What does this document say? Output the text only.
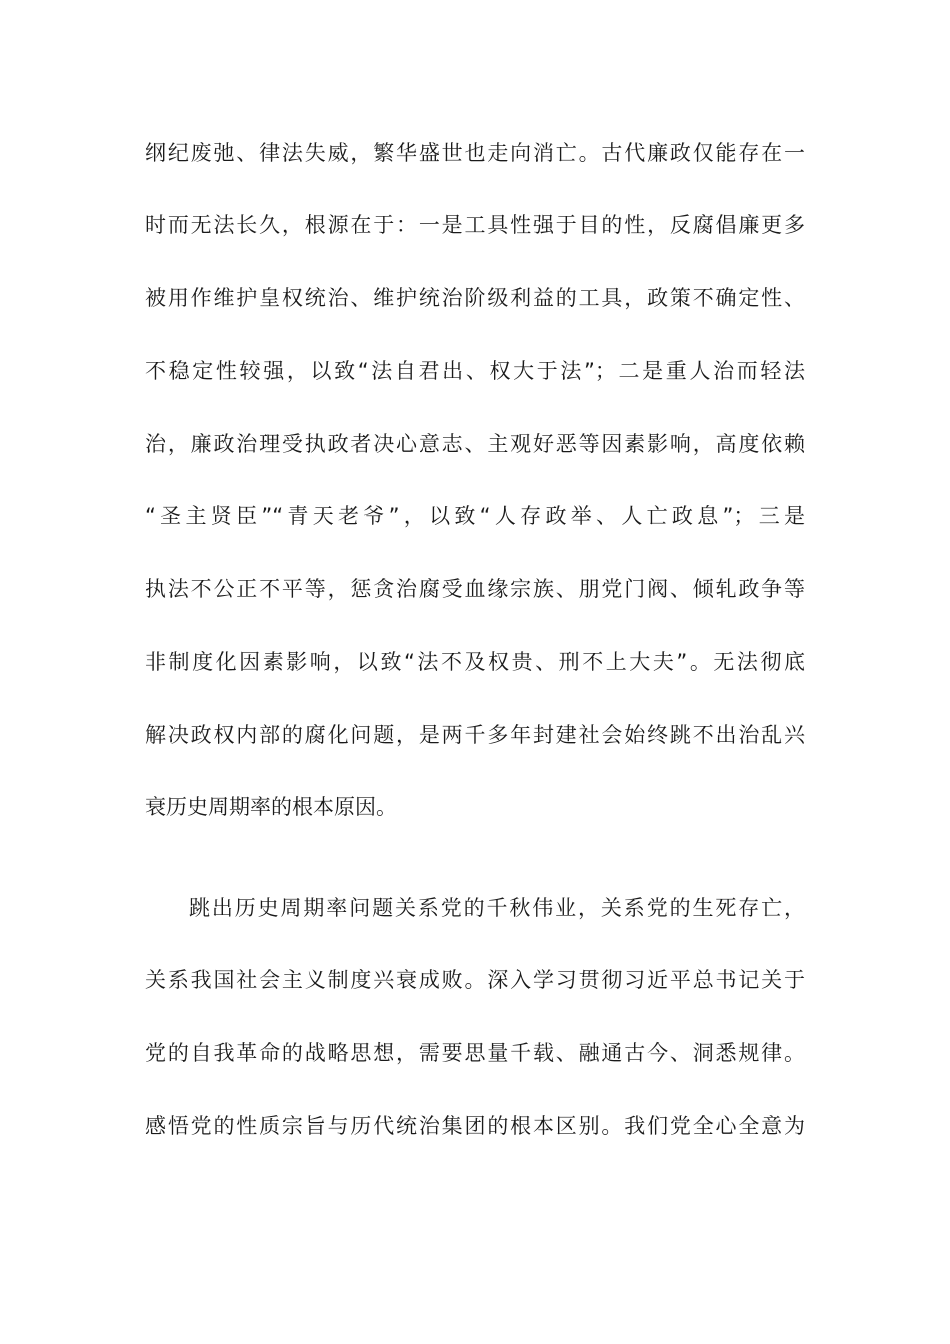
纲纪废弛、律法失威，繁华盛世也走向消亡。古代廉政仅能存在一
时而无法长久，根源在于：一是工具性强于目的性，反腐倡廉更多
被用作维护皇权统治、维护统治阶级利益的工具，政策不确定性、
不稳定性较强，以致“法自君出、权大于法”；二是重人治而轻法
治，廉政治理受执政者决心意志、主观好恶等因素影响，高度依赖
“圣主贤臣”“青天老爷”，以致“人存政举、人亡政息”；三是
执法不公正不平等，惩贪治腐受血缘宗族、朋党门阀、倾轧政争等
非制度化因素影响，以致“法不及权贵、刑不上大夫”。无法彻底
解决政权内部的腐化问题，是两千多年封建社会始终跳不出治乱兴
衰历史周期率的根本原因。
跳出历史周期率问题关系党的千秋伟业，关系党的生死存亡，
关系我国社会主义制度兴衰成败。深入学习贯彻习近平总书记关于
党的自我革命的战略思想，需要思量千载、融通古今、洞悉规律。
感悟党的性质宗旨与历代统治集团的根本区别。我们党全心全意为
